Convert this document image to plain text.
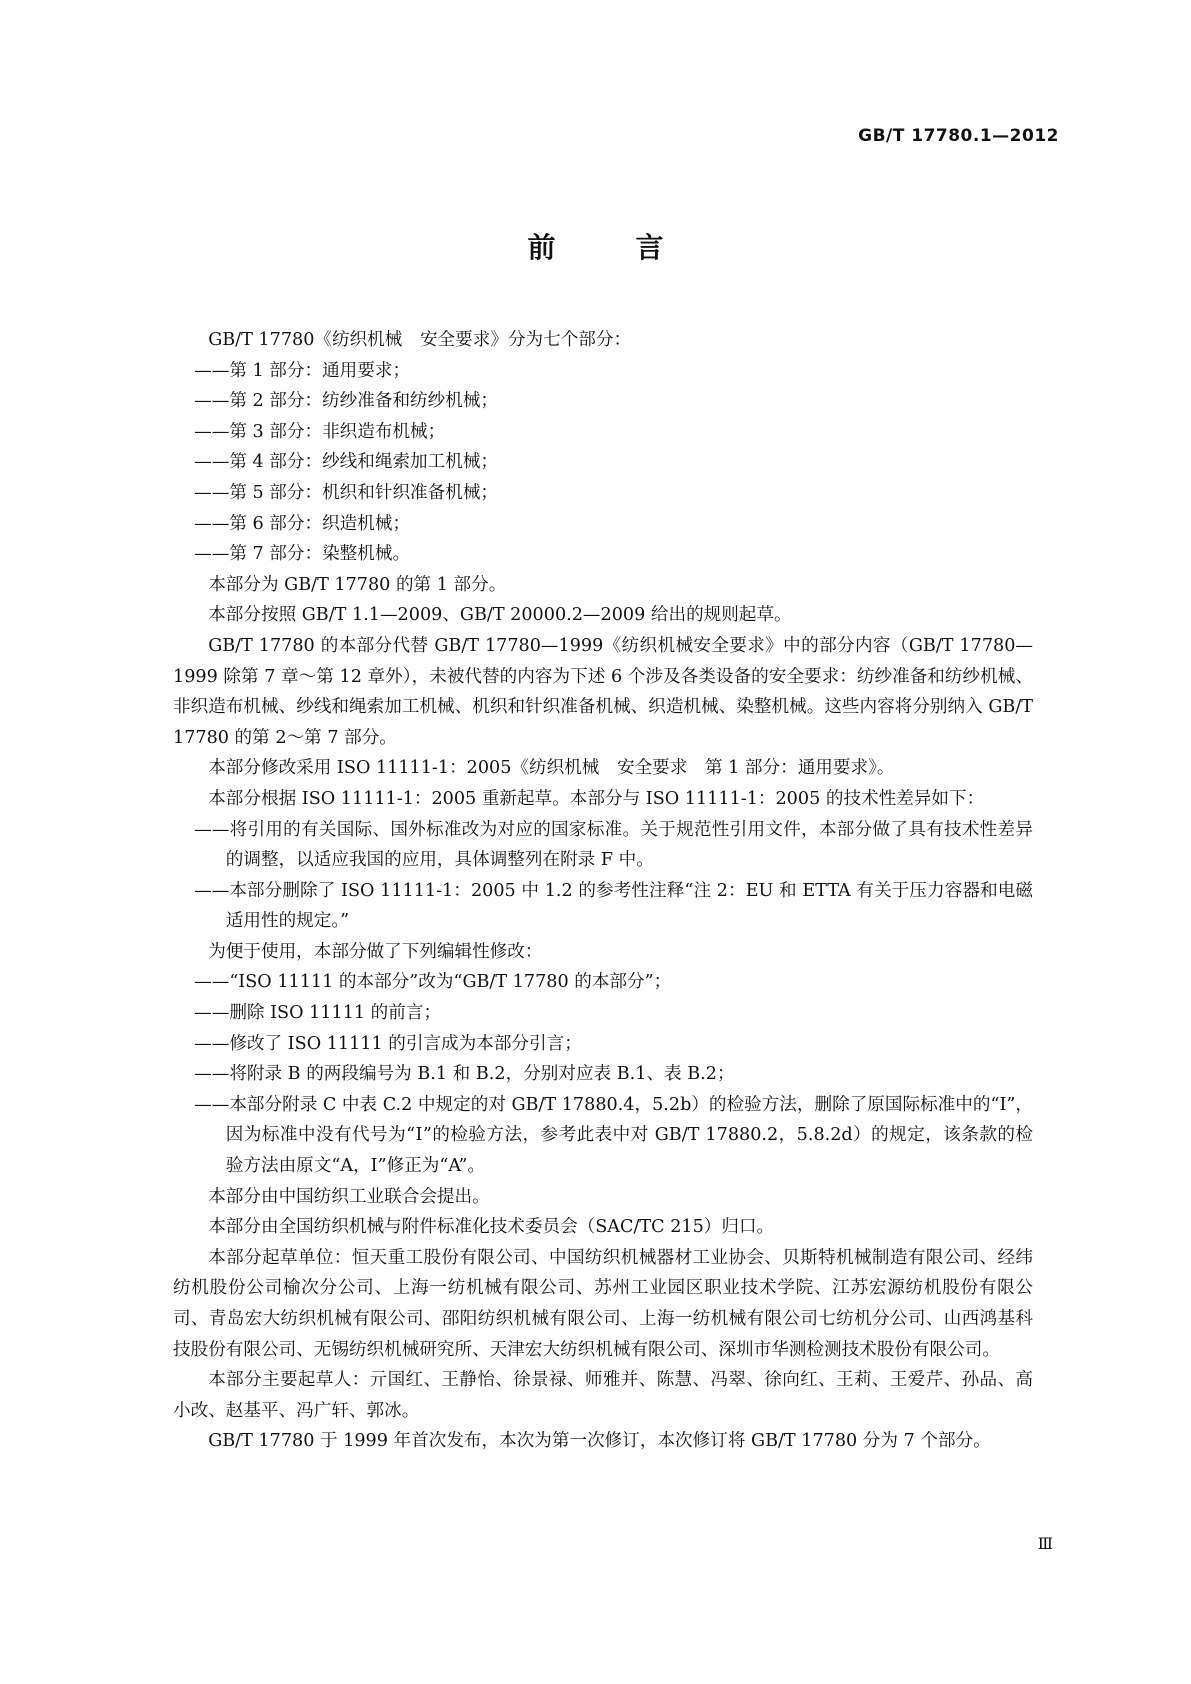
GB/T 17780.1—2012
前　言

GB/T 17780《纺织机械　安全要求》分为七个部分：

——第 1 部分：通用要求；

——第 2 部分：纺纱准备和纺纱机械；

——第 3 部分：非织造布机械；

——第 4 部分：纱线和绳索加工机械；

——第 5 部分：机织和针织准备机械；

——第 6 部分：织造机械；

——第 7 部分：染整机械。

本部分为 GB/T 17780 的第 1 部分。

本部分按照 GB/T 1.1—2009、GB/T 20000.2—2009 给出的规则起草。

GB/T 17780 的本部分代替 GB/T 17780—1999《纺织机械安全要求》中的部分内容（GB/T 17780—1999 除第 7 章～第 12 章外），未被代替的内容为下述 6 个涉及各类设备的安全要求：纺纱准备和纺纱机械、非织造布机械、纱线和绳索加工机械、机织和针织准备机械、织造机械、染整机械。这些内容将分别纳入 GB/T 17780 的第 2～第 7 部分。

本部分修改采用 ISO 11111-1：2005《纺织机械　安全要求　第 1 部分：通用要求》。

本部分根据 ISO 11111-1：2005 重新起草。本部分与 ISO 11111-1：2005 的技术性差异如下：

——将引用的有关国际、国外标准改为对应的国家标准。关于规范性引用文件，本部分做了具有技术性差异的调整，以适应我国的应用，具体调整列在附录 F 中。

——本部分删除了 ISO 11111-1：2005 中 1.2 的参考性注释“注 2：EU 和 ETTA 有关于压力容器和电磁适用性的规定。”

为便于使用，本部分做了下列编辑性修改：

——“ISO 11111 的本部分”改为“GB/T 17780 的本部分”；

——删除 ISO 11111 的前言；

——修改了 ISO 11111 的引言成为本部分引言；

——将附录 B 的两段编号为 B.1 和 B.2，分别对应表 B.1、表 B.2；

——本部分附录 C 中表 C.2 中规定的对 GB/T 17880.4，5.2b）的检验方法，删除了原国际标准中的“Ⅰ”，因为标准中没有代号为“Ⅰ”的检验方法，参考此表中对 GB/T 17880.2，5.8.2d）的规定，该条款的检验方法由原文“A，Ⅰ”修正为“A”。

本部分由中国纺织工业联合会提出。

本部分由全国纺织机械与附件标准化技术委员会（SAC/TC 215）归口。

本部分起草单位：恒天重工股份有限公司、中国纺织机械器材工业协会、贝斯特机械制造有限公司、经纬纺机股份公司榆次分公司、上海一纺机械有限公司、苏州工业园区职业技术学院、江苏宏源纺机股份有限公司、青岛宏大纺织机械有限公司、邵阳纺织机械有限公司、上海一纺机械有限公司七纺机分公司、山西鸿基科技股份有限公司、无锡纺织机械研究所、天津宏大纺织机械有限公司、深圳市华测检测技术股份有限公司。

本部分主要起草人：亓国红、王静怡、徐景禄、师雅并、陈慧、冯翠、徐向红、王莉、王爱芹、孙品、高小改、赵基平、冯广轩、郭冰。

GB/T 17780 于 1999 年首次发布，本次为第一次修订，本次修订将 GB/T 17780 分为 7 个部分。

Ⅲ
